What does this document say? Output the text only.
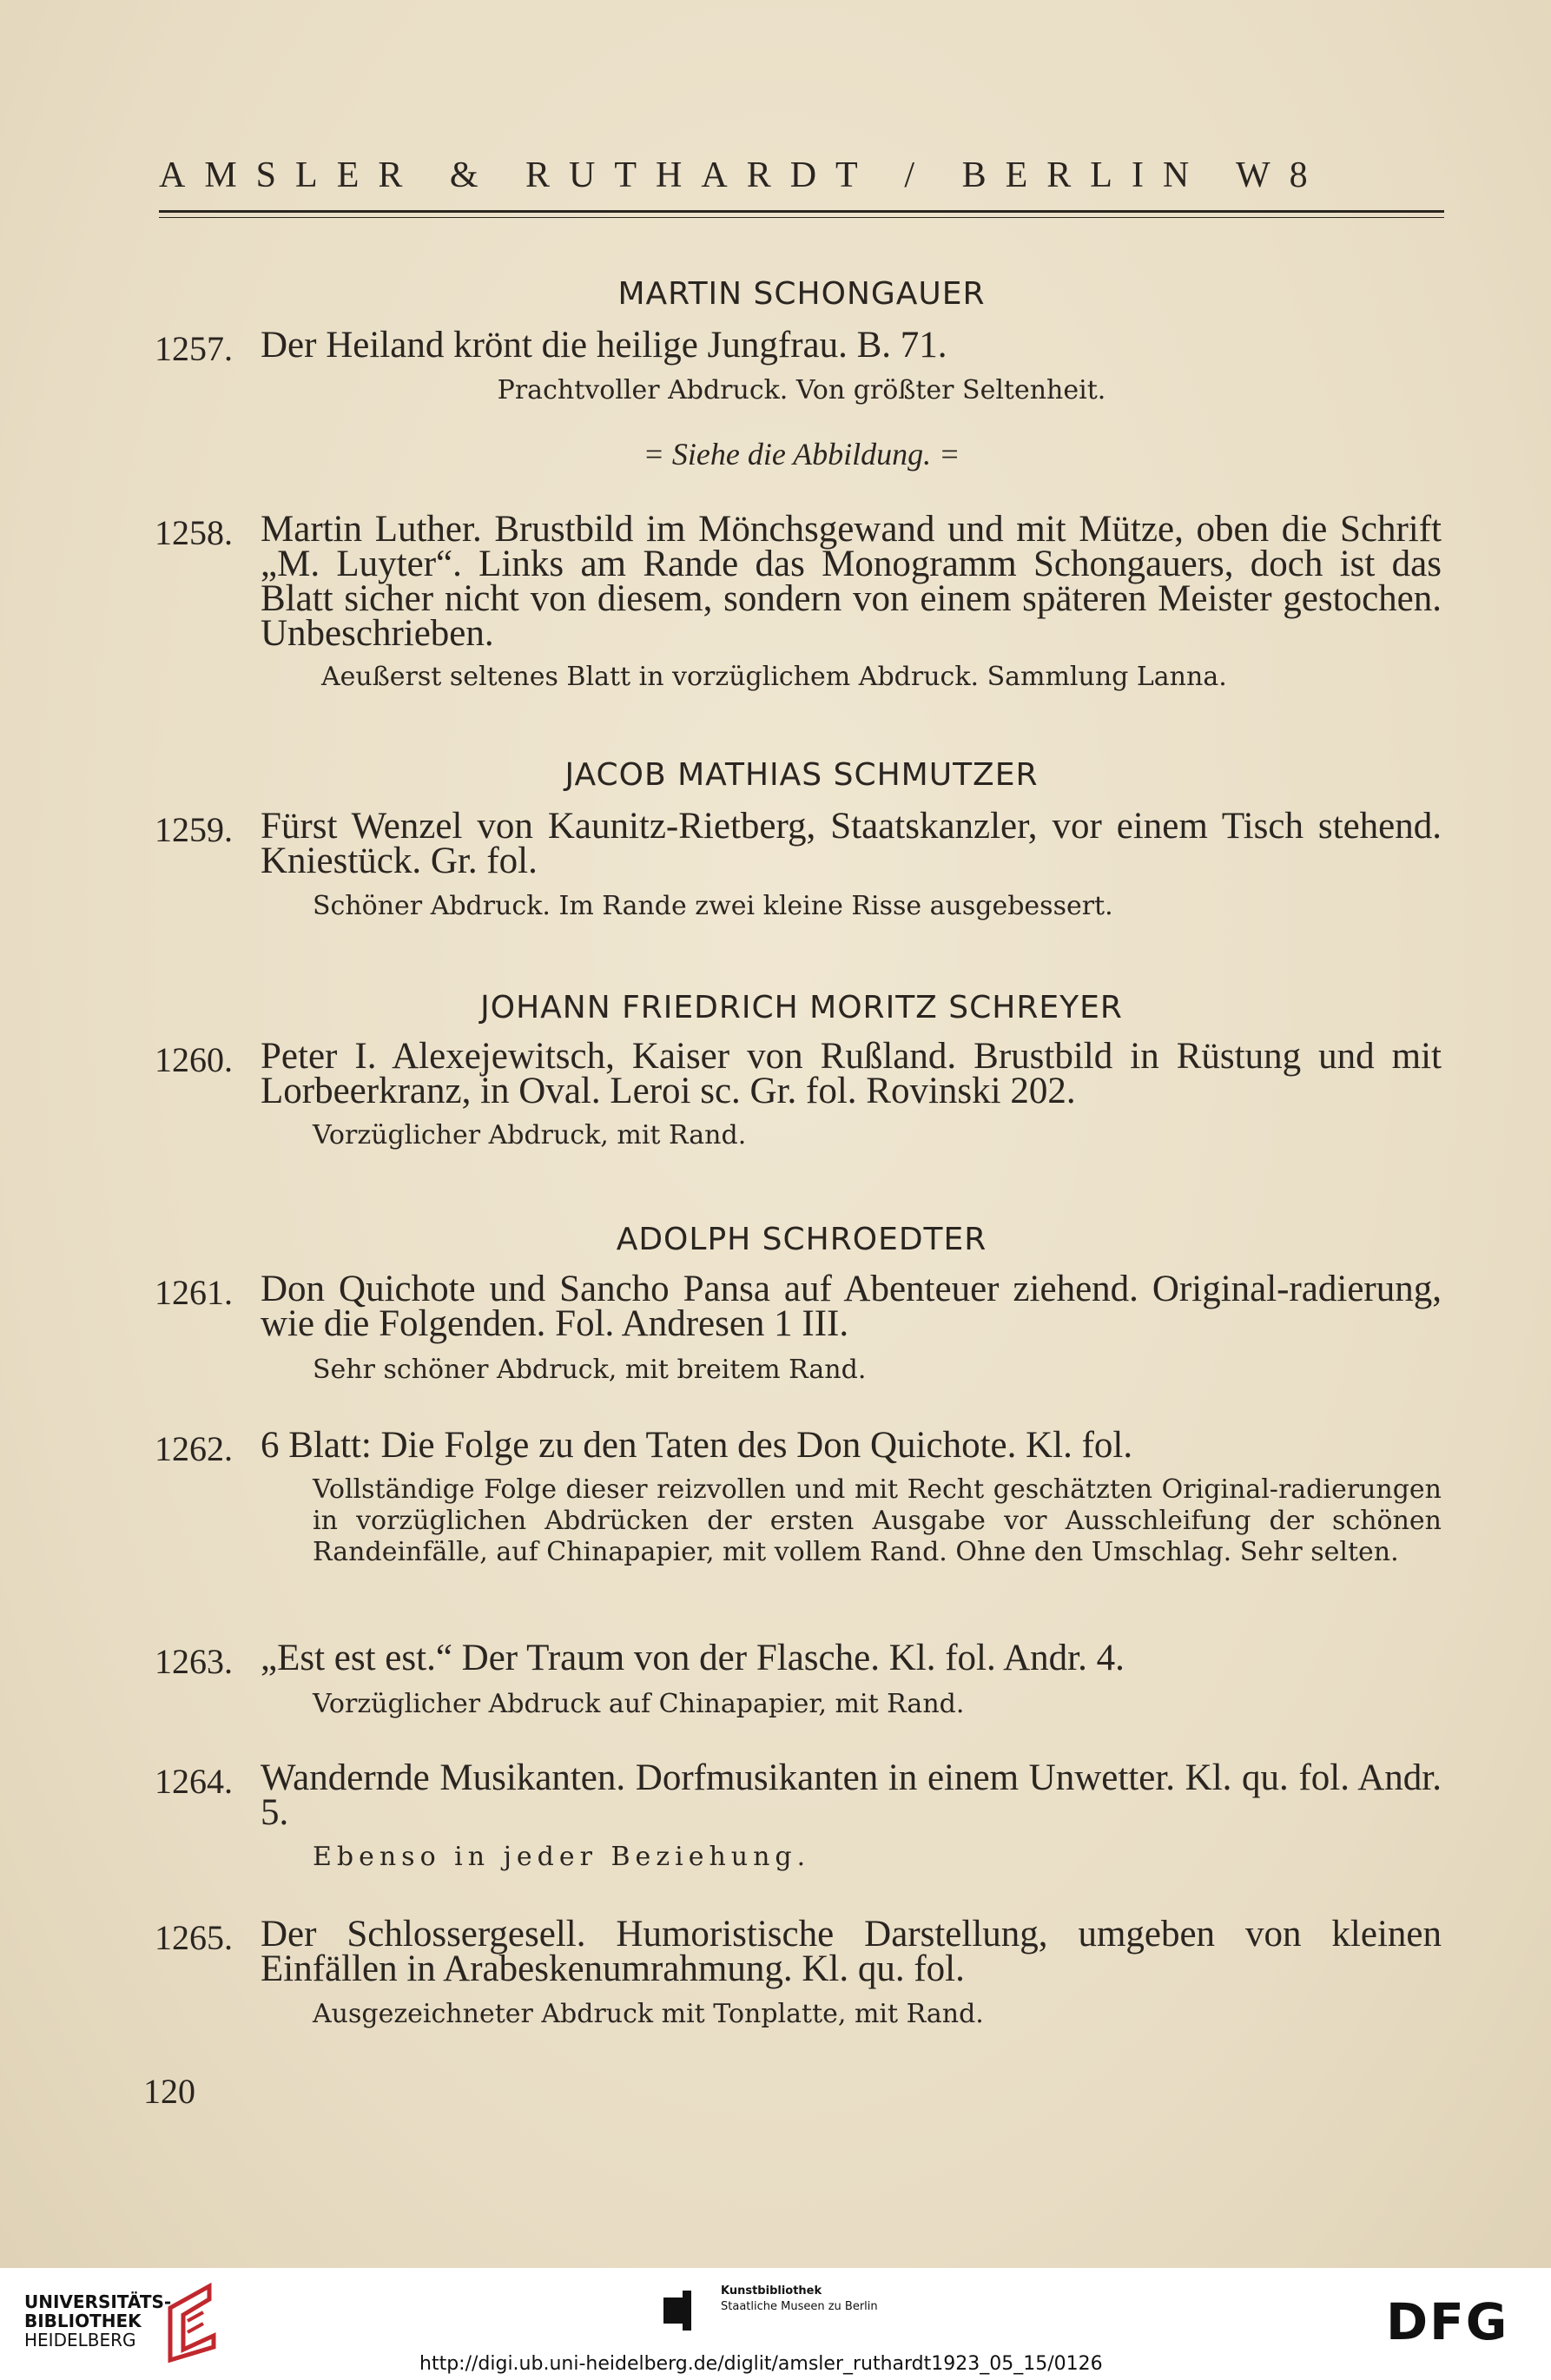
AMSLER & RUTHARDT / BERLIN W8
MARTIN SCHONGAUER
1257. Der Heiland krönt die heilige Jungfrau. B. 71.
Prachtvoller Abdruck. Von größter Seltenheit.
= Siehe die Abbildung. =
1258. Martin Luther. Brustbild im Mönchsgewand und mit Mütze, oben die Schrift „M. Luyter“. Links am Rande das Monogramm Schongauers, doch ist das Blatt sicher nicht von diesem, sondern von einem späteren Meister gestochen. Unbeschrieben.
Aeußerst seltenes Blatt in vorzüglichem Abdruck. Sammlung Lanna.
JACOB MATHIAS SCHMUTZER
1259. Fürst Wenzel von Kaunitz-Rietberg, Staatskanzler, vor einem Tisch stehend. Kniestück. Gr. fol.
Schöner Abdruck. Im Rande zwei kleine Risse ausgebessert.
JOHANN FRIEDRICH MORITZ SCHREYER
1260. Peter I. Alexejewitsch, Kaiser von Rußland. Brustbild in Rüstung und mit Lorbeerkranz, in Oval. Leroi sc. Gr. fol. Rovinski 202.
Vorzüglicher Abdruck, mit Rand.
ADOLPH SCHROEDTER
1261. Don Quichote und Sancho Pansa auf Abenteuer ziehend. Original-radierung, wie die Folgenden. Fol. Andresen 1 III.
Sehr schöner Abdruck, mit breitem Rand.
1262. 6 Blatt: Die Folge zu den Taten des Don Quichote. Kl. fol.
Vollständige Folge dieser reizvollen und mit Recht geschätzten Original-radierungen in vorzüglichen Abdrücken der ersten Ausgabe vor Ausschleifung der schönen Randeinfälle, auf Chinapapier, mit vollem Rand. Ohne den Umschlag. Sehr selten.
1263. „Est est est.“ Der Traum von der Flasche. Kl. fol. Andr. 4.
Vorzüglicher Abdruck auf Chinapapier, mit Rand.
1264. Wandernde Musikanten. Dorfmusikanten in einem Unwetter. Kl. qu. fol. Andr. 5.
Ebenso in jeder Beziehung.
1265. Der Schlossergesell. Humoristische Darstellung, umgeben von kleinen Einfällen in Arabeskenumrahmung. Kl. qu. fol.
Ausgezeichneter Abdruck mit Tonplatte, mit Rand.
120
UNIVERSITÄTS-
BIBLIOTHEK
HEIDELBERG
Kunstbibliothek
Staatliche Museen zu Berlin	DFG
http://digi.ub.uni-heidelberg.de/diglit/amsler_ruthardt1923_05_15/0126
